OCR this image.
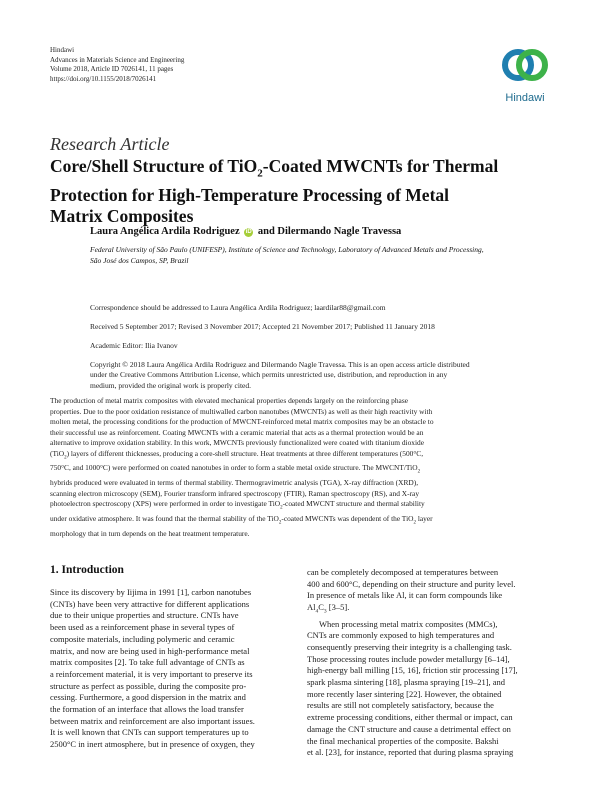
Hindawi
Advances in Materials Science and Engineering
Volume 2018, Article ID 7026141, 11 pages
https://doi.org/10.1155/2018/7026141
Hindawi
Research Article
Core/Shell Structure of TiO$_2$-Coated MWCNTs for Thermal
Protection for High-Temperature Processing of Metal
Matrix Composites
Laura Angélica Ardila Rodriguez iD and Dilermando Nagle Travessa
Federal University of São Paulo (UNIFESP), Institute of Science and Technology, Laboratory of Advanced Metals and Processing,
São José dos Campos, SP, Brazil
Correspondence should be addressed to Laura Angélica Ardila Rodriguez; laardilar88@gmail.com
Received 5 September 2017; Revised 3 November 2017; Accepted 21 November 2017; Published 11 January 2018
Academic Editor: Ilia Ivanov
Copyright © 2018 Laura Angélica Ardila Rodriguez and Dilermando Nagle Travessa. This is an open access article distributed
under the Creative Commons Attribution License, which permits unrestricted use, distribution, and reproduction in any
medium, provided the original work is properly cited.
The production of metal matrix composites with elevated mechanical properties depends largely on the reinforcing phase
properties. Due to the poor oxidation resistance of multiwalled carbon nanotubes (MWCNTs) as well as their high reactivity with
molten metal, the processing conditions for the production of MWCNT-reinforced metal matrix composites may be an obstacle to
their successful use as reinforcement. Coating MWCNTs with a ceramic material that acts as a thermal protection would be an
alternative to improve oxidation stability. In this work, MWCNTs previously functionalized were coated with titanium dioxide
(TiO$_2$) layers of different thicknesses, producing a core-shell structure. Heat treatments at three different temperatures (500°C,
750°C, and 1000°C) were performed on coated nanotubes in order to form a stable metal oxide structure. The MWCNT/TiO$_2$
hybrids produced were evaluated in terms of thermal stability. Thermogravimetric analysis (TGA), X-ray diffraction (XRD),
scanning electron microscopy (SEM), Fourier transform infrared spectroscopy (FTIR), Raman spectroscopy (RS), and X-ray
photoelectron spectroscopy (XPS) were performed in order to investigate TiO$_2$-coated MWCNT structure and thermal stability
under oxidative atmosphere. It was found that the thermal stability of the TiO$_2$-coated MWCNTs was dependent of the TiO$_2$ layer
morphology that in turn depends on the heat treatment temperature.
1. Introduction
Since its discovery by Iijima in 1991 [1], carbon nanotubes
(CNTs) have been very attractive for different applications
due to their unique properties and structure. CNTs have
been used as a reinforcement phase in several types of
composite materials, including polymeric and ceramic
matrix, and now are being used in high-performance metal
matrix composites [2]. To take full advantage of CNTs as
a reinforcement material, it is very important to preserve its
structure as perfect as possible, during the composite pro-
cessing. Furthermore, a good dispersion in the matrix and
the formation of an interface that allows the load transfer
between matrix and reinforcement are also important issues.
It is well known that CNTs can support temperatures up to
2500°C in inert atmosphere, but in presence of oxygen, they
can be completely decomposed at temperatures between
400 and 600°C, depending on their structure and purity level.
In presence of metals like Al, it can form compounds like
$Al_4C_3$ [3–5].
When processing metal matrix composites (MMCs),
CNTs are commonly exposed to high temperatures and
consequently preserving their integrity is a challenging task.
Those processing routes include powder metallurgy [6–14],
high-energy ball milling [15, 16], friction stir processing [17],
spark plasma sintering [18], plasma spraying [19–21], and
more recently laser sintering [22]. However, the obtained
results are still not completely satisfactory, because the
extreme processing conditions, either thermal or impact, can
damage the CNT structure and cause a detrimental effect on
the final mechanical properties of the composite. Bakshi
et al. [23], for instance, reported that during plasma spraying
